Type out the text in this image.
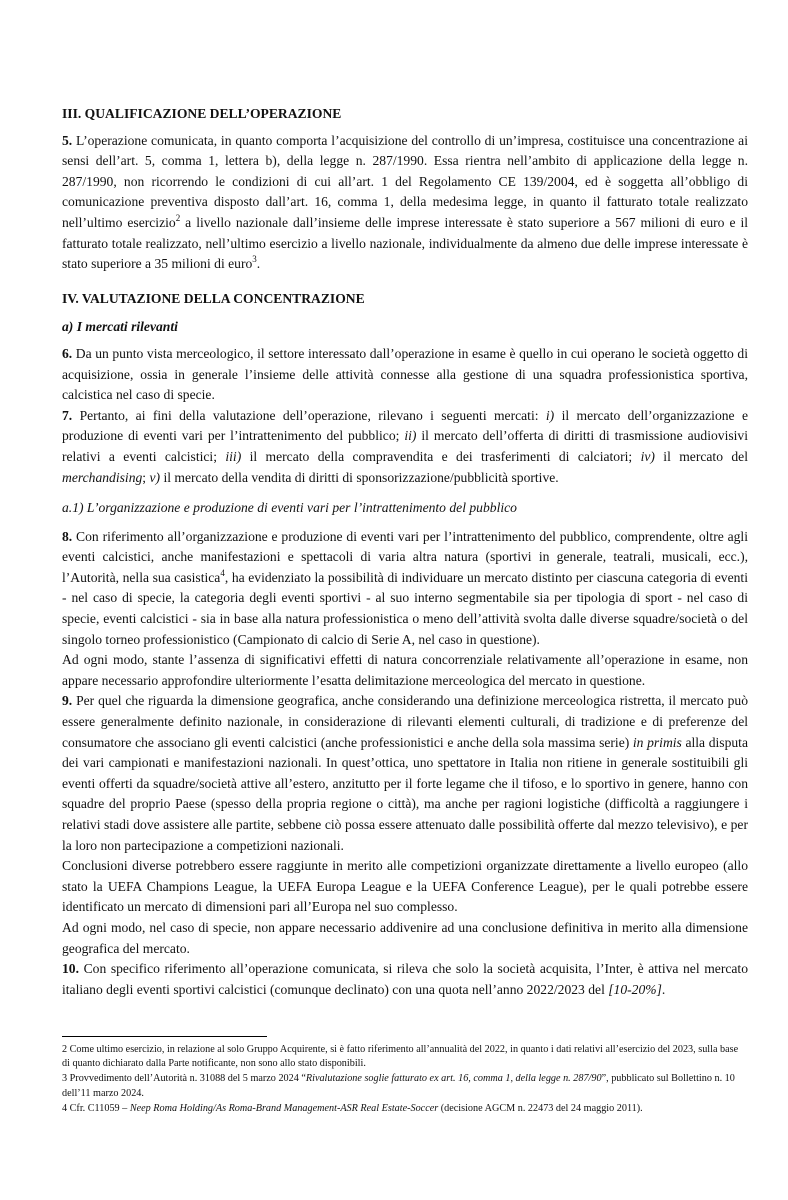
III. QUALIFICAZIONE DELL’OPERAZIONE

5. L’operazione comunicata, in quanto comporta l’acquisizione del controllo di un’impresa, costituisce una concentrazione ai sensi dell’art. 5, comma 1, lettera b), della legge n. 287/1990. Essa rientra nell’ambito di applicazione della legge n. 287/1990, non ricorrendo le condizioni di cui all’art. 1 del Regolamento CE 139/2004, ed è soggetta all’obbligo di comunicazione preventiva disposto dall’art. 16, comma 1, della medesima legge, in quanto il fatturato totale realizzato nell’ultimo esercizio$^2$ a livello nazionale dall’insieme delle imprese interessate è stato superiore a 567 milioni di euro e il fatturato totale realizzato, nell’ultimo esercizio a livello nazionale, individualmente da almeno due delle imprese interessate è stato superiore a 35 milioni di euro$^3$.

IV. VALUTAZIONE DELLA CONCENTRAZIONE

a) I mercati rilevanti

6. Da un punto vista merceologico, il settore interessato dall’operazione in esame è quello in cui operano le società oggetto di acquisizione, ossia in generale l’insieme delle attività connesse alla gestione di una squadra professionistica sportiva, calcistica nel caso di specie.

7. Pertanto, ai fini della valutazione dell’operazione, rilevano i seguenti mercati: i) il mercato dell’organizzazione e produzione di eventi vari per l’intrattenimento del pubblico; ii) il mercato dell’offerta di diritti di trasmissione audiovisivi relativi a eventi calcistici; iii) il mercato della compravendita e dei trasferimenti di calciatori; iv) il mercato del merchandising; v) il mercato della vendita di diritti di sponsorizzazione/pubblicità sportive.

a.1) L’organizzazione e produzione di eventi vari per l’intrattenimento del pubblico

8. Con riferimento all’organizzazione e produzione di eventi vari per l’intrattenimento del pubblico, comprendente, oltre agli eventi calcistici, anche manifestazioni e spettacoli di varia altra natura (sportivi in generale, teatrali, musicali, ecc.), l’Autorità, nella sua casistica$^4$, ha evidenziato la possibilità di individuare un mercato distinto per ciascuna categoria di eventi - nel caso di specie, la categoria degli eventi sportivi - al suo interno segmentabile sia per tipologia di sport - nel caso di specie, eventi calcistici - sia in base alla natura professionistica o meno dell’attività svolta dalle diverse squadre/società o del singolo torneo professionistico (Campionato di calcio di Serie A, nel caso in questione).

Ad ogni modo, stante l’assenza di significativi effetti di natura concorrenziale relativamente all’operazione in esame, non appare necessario approfondire ulteriormente l’esatta delimitazione merceologica del mercato in questione.

9. Per quel che riguarda la dimensione geografica, anche considerando una definizione merceologica ristretta, il mercato può essere generalmente definito nazionale, in considerazione di rilevanti elementi culturali, di tradizione e di preferenze del consumatore che associano gli eventi calcistici (anche professionistici e anche della sola massima serie) in primis alla disputa dei vari campionati e manifestazioni nazionali. In quest’ottica, uno spettatore in Italia non ritiene in generale sostituibili gli eventi offerti da squadre/società attive all’estero, anzitutto per il forte legame che il tifoso, e lo sportivo in genere, hanno con squadre del proprio Paese (spesso della propria regione o città), ma anche per ragioni logistiche (difficoltà a raggiungere i relativi stadi dove assistere alle partite, sebbene ciò possa essere attenuato dalle possibilità offerte dal mezzo televisivo), e per la loro non partecipazione a competizioni nazionali.

Conclusioni diverse potrebbero essere raggiunte in merito alle competizioni organizzate direttamente a livello europeo (allo stato la UEFA Champions League, la UEFA Europa League e la UEFA Conference League), per le quali potrebbe essere identificato un mercato di dimensioni pari all’Europa nel suo complesso.

Ad ogni modo, nel caso di specie, non appare necessario addivenire ad una conclusione definitiva in merito alla dimensione geografica del mercato.

10. Con specifico riferimento all’operazione comunicata, si rileva che solo la società acquisita, l’Inter, è attiva nel mercato italiano degli eventi sportivi calcistici (comunque declinato) con una quota nell’anno 2022/2023 del [10-20%].

2 Come ultimo esercizio, in relazione al solo Gruppo Acquirente, si è fatto riferimento all’annualità del 2022, in quanto i dati relativi all’esercizio del 2023, sulla base di quanto dichiarato dalla Parte notificante, non sono allo stato disponibili.

3 Provvedimento dell’Autorità n. 31088 del 5 marzo 2024 “Rivalutazione soglie fatturato ex art. 16, comma 1, della legge n. 287/90”, pubblicato sul Bollettino n. 10 dell’11 marzo 2024.

4 Cfr. C11059 – Neep Roma Holding/As Roma-Brand Management-ASR Real Estate-Soccer (decisione AGCM n. 22473 del 24 maggio 2011).
